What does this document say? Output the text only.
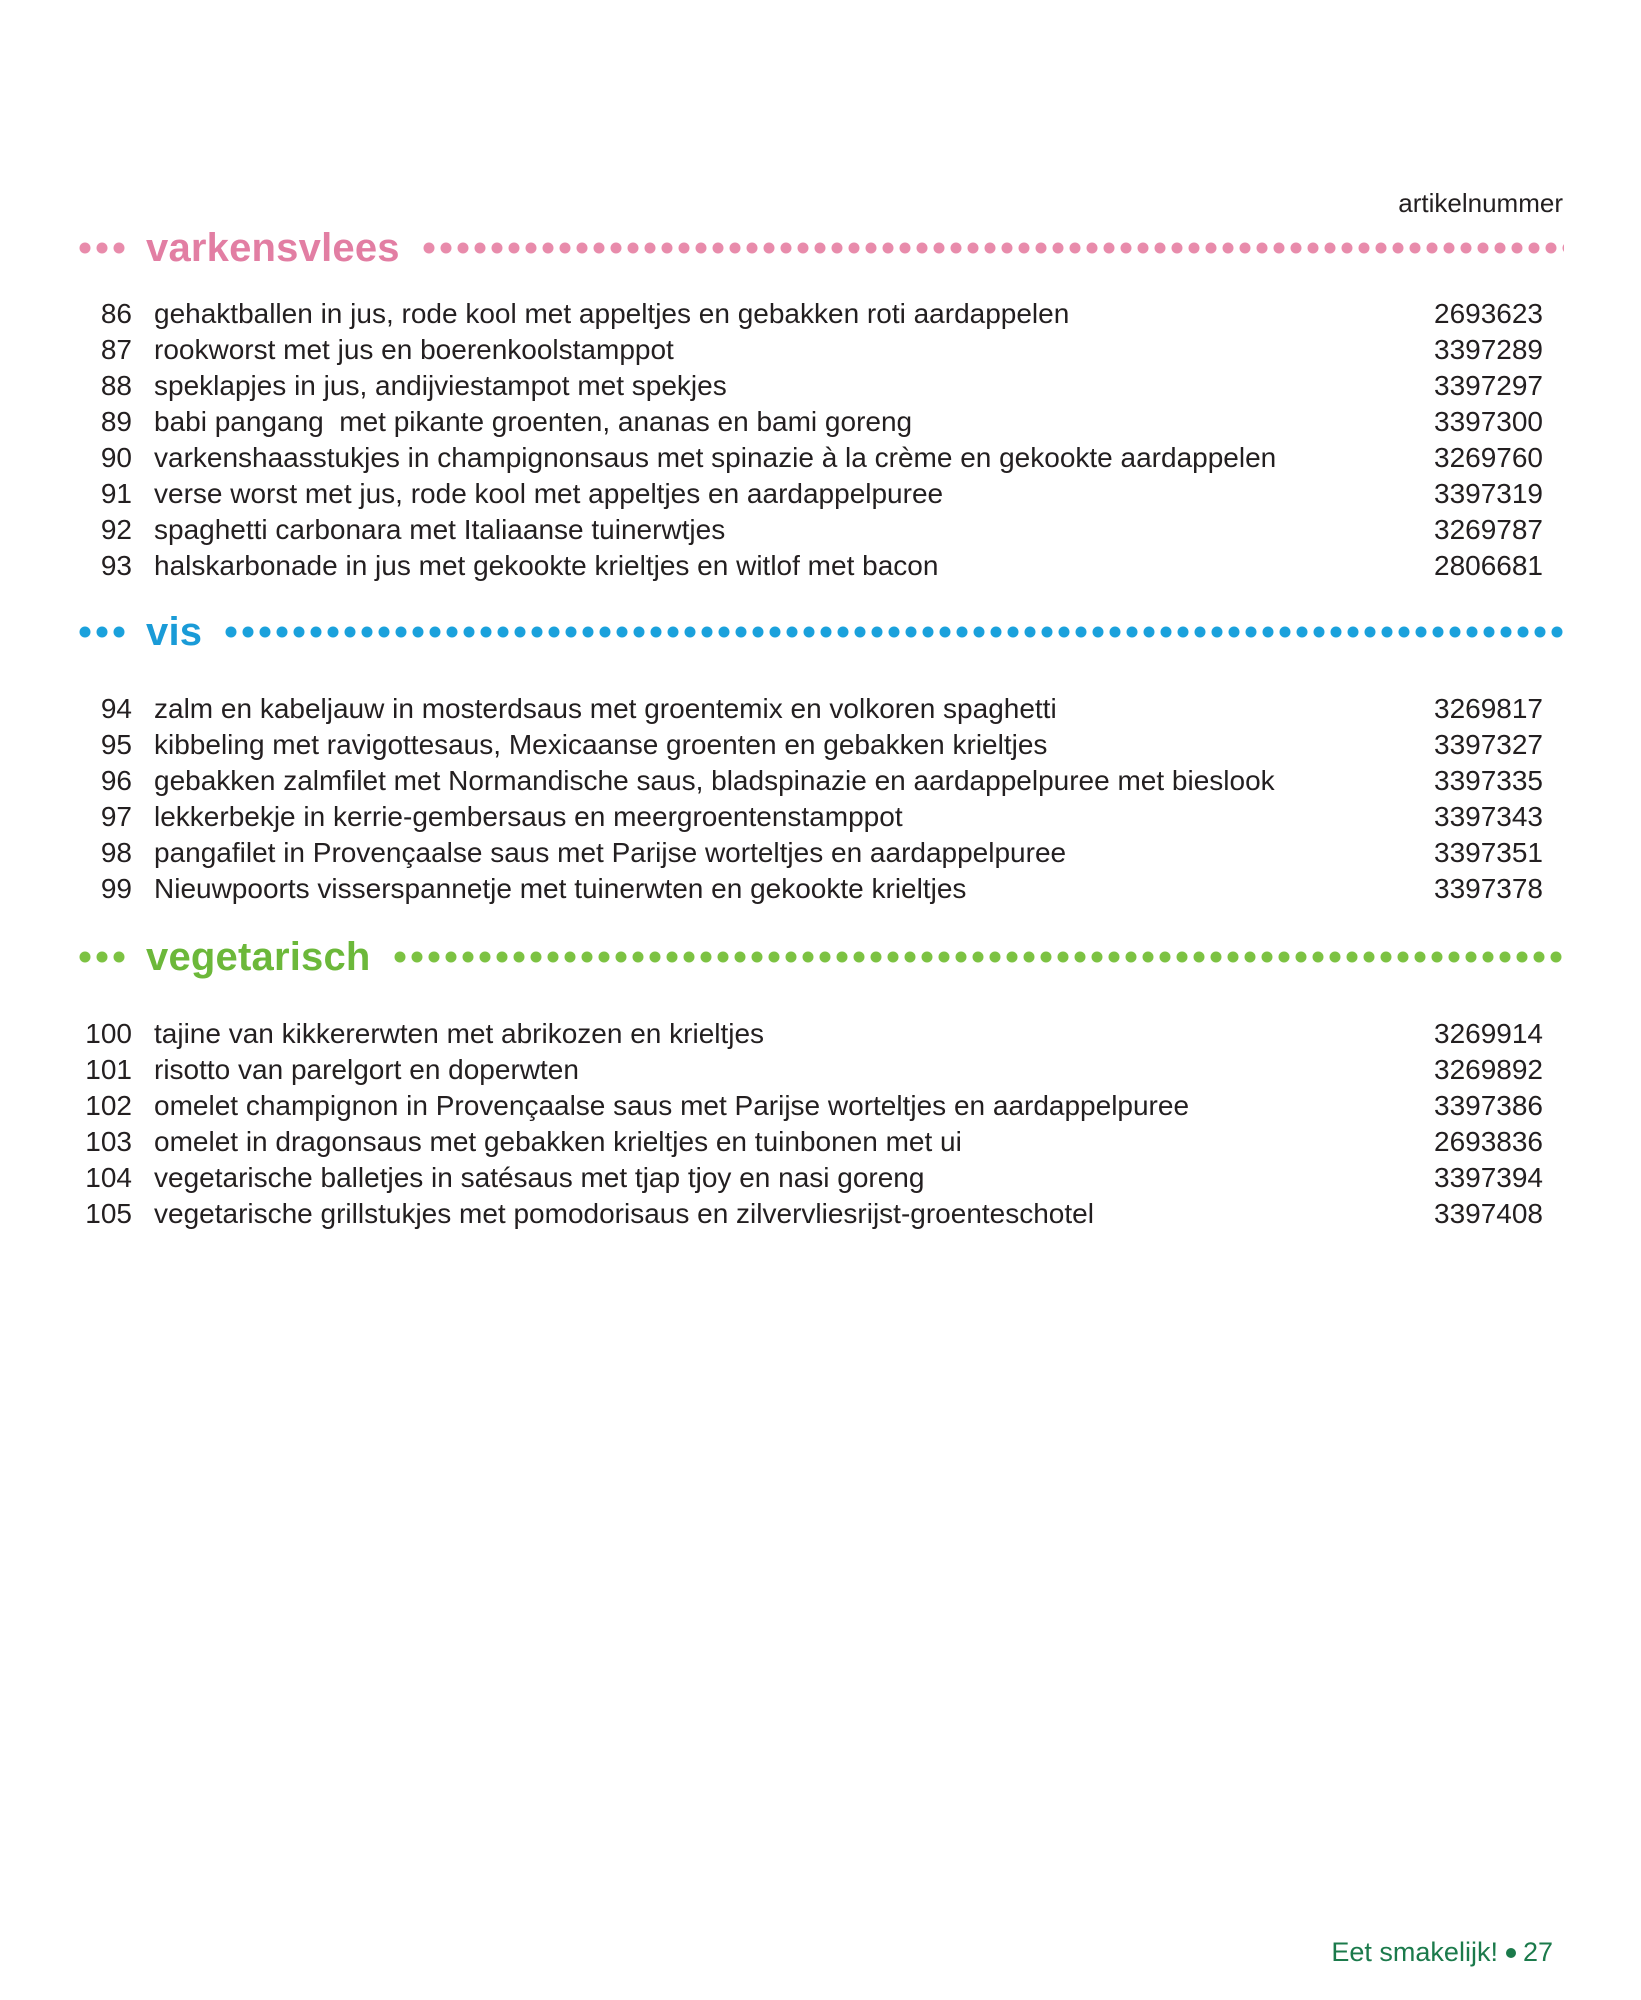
artikelnummer
varkensvlees
86 gehaktballen in jus, rode kool met appeltjes en gebakken roti aardappelen	2693623
87 rookworst met jus en boerenkoolstamppot	3397289
88 speklapjes in jus, andijviestampot met spekjes	3397297
89 babi pangang  met pikante groenten, ananas en bami goreng	3397300
90 varkenshaasstukjes in champignonsaus met spinazie à la crème en gekookte aardappelen	3269760
91 verse worst met jus, rode kool met appeltjes en aardappelpuree	3397319
92 spaghetti carbonara met Italiaanse tuinerwtjes	3269787
93 halskarbonade in jus met gekookte krieltjes en witlof met bacon	2806681
vis
94 zalm en kabeljauw in mosterdsaus met groentemix en volkoren spaghetti	3269817
95 kibbeling met ravigottesaus, Mexicaanse groenten en gebakken krieltjes	3397327
96 gebakken zalmfilet met Normandische saus, bladspinazie en aardappelpuree met bieslook	3397335
97 lekkerbekje in kerrie-gembersaus en meergroentenstamppot	3397343
98 pangafilet in Provençaalse saus met Parijse worteltjes en aardappelpuree	3397351
99 Nieuwpoorts visserspannetje met tuinerwten en gekookte krieltjes	3397378
vegetarisch
100 tajine van kikkererwten met abrikozen en krieltjes	3269914
101 risotto van parelgort en doperwten	3269892
102 omelet champignon in Provençaalse saus met Parijse worteltjes en aardappelpuree	3397386
103 omelet in dragonsaus met gebakken krieltjes en tuinbonen met ui	2693836
104 vegetarische balletjes in satésaus met tjap tjoy en nasi goreng	3397394
105 vegetarische grillstukjes met pomodorisaus en zilvervliesrijst-groenteschotel	3397408
Eet smakelijk! 27
